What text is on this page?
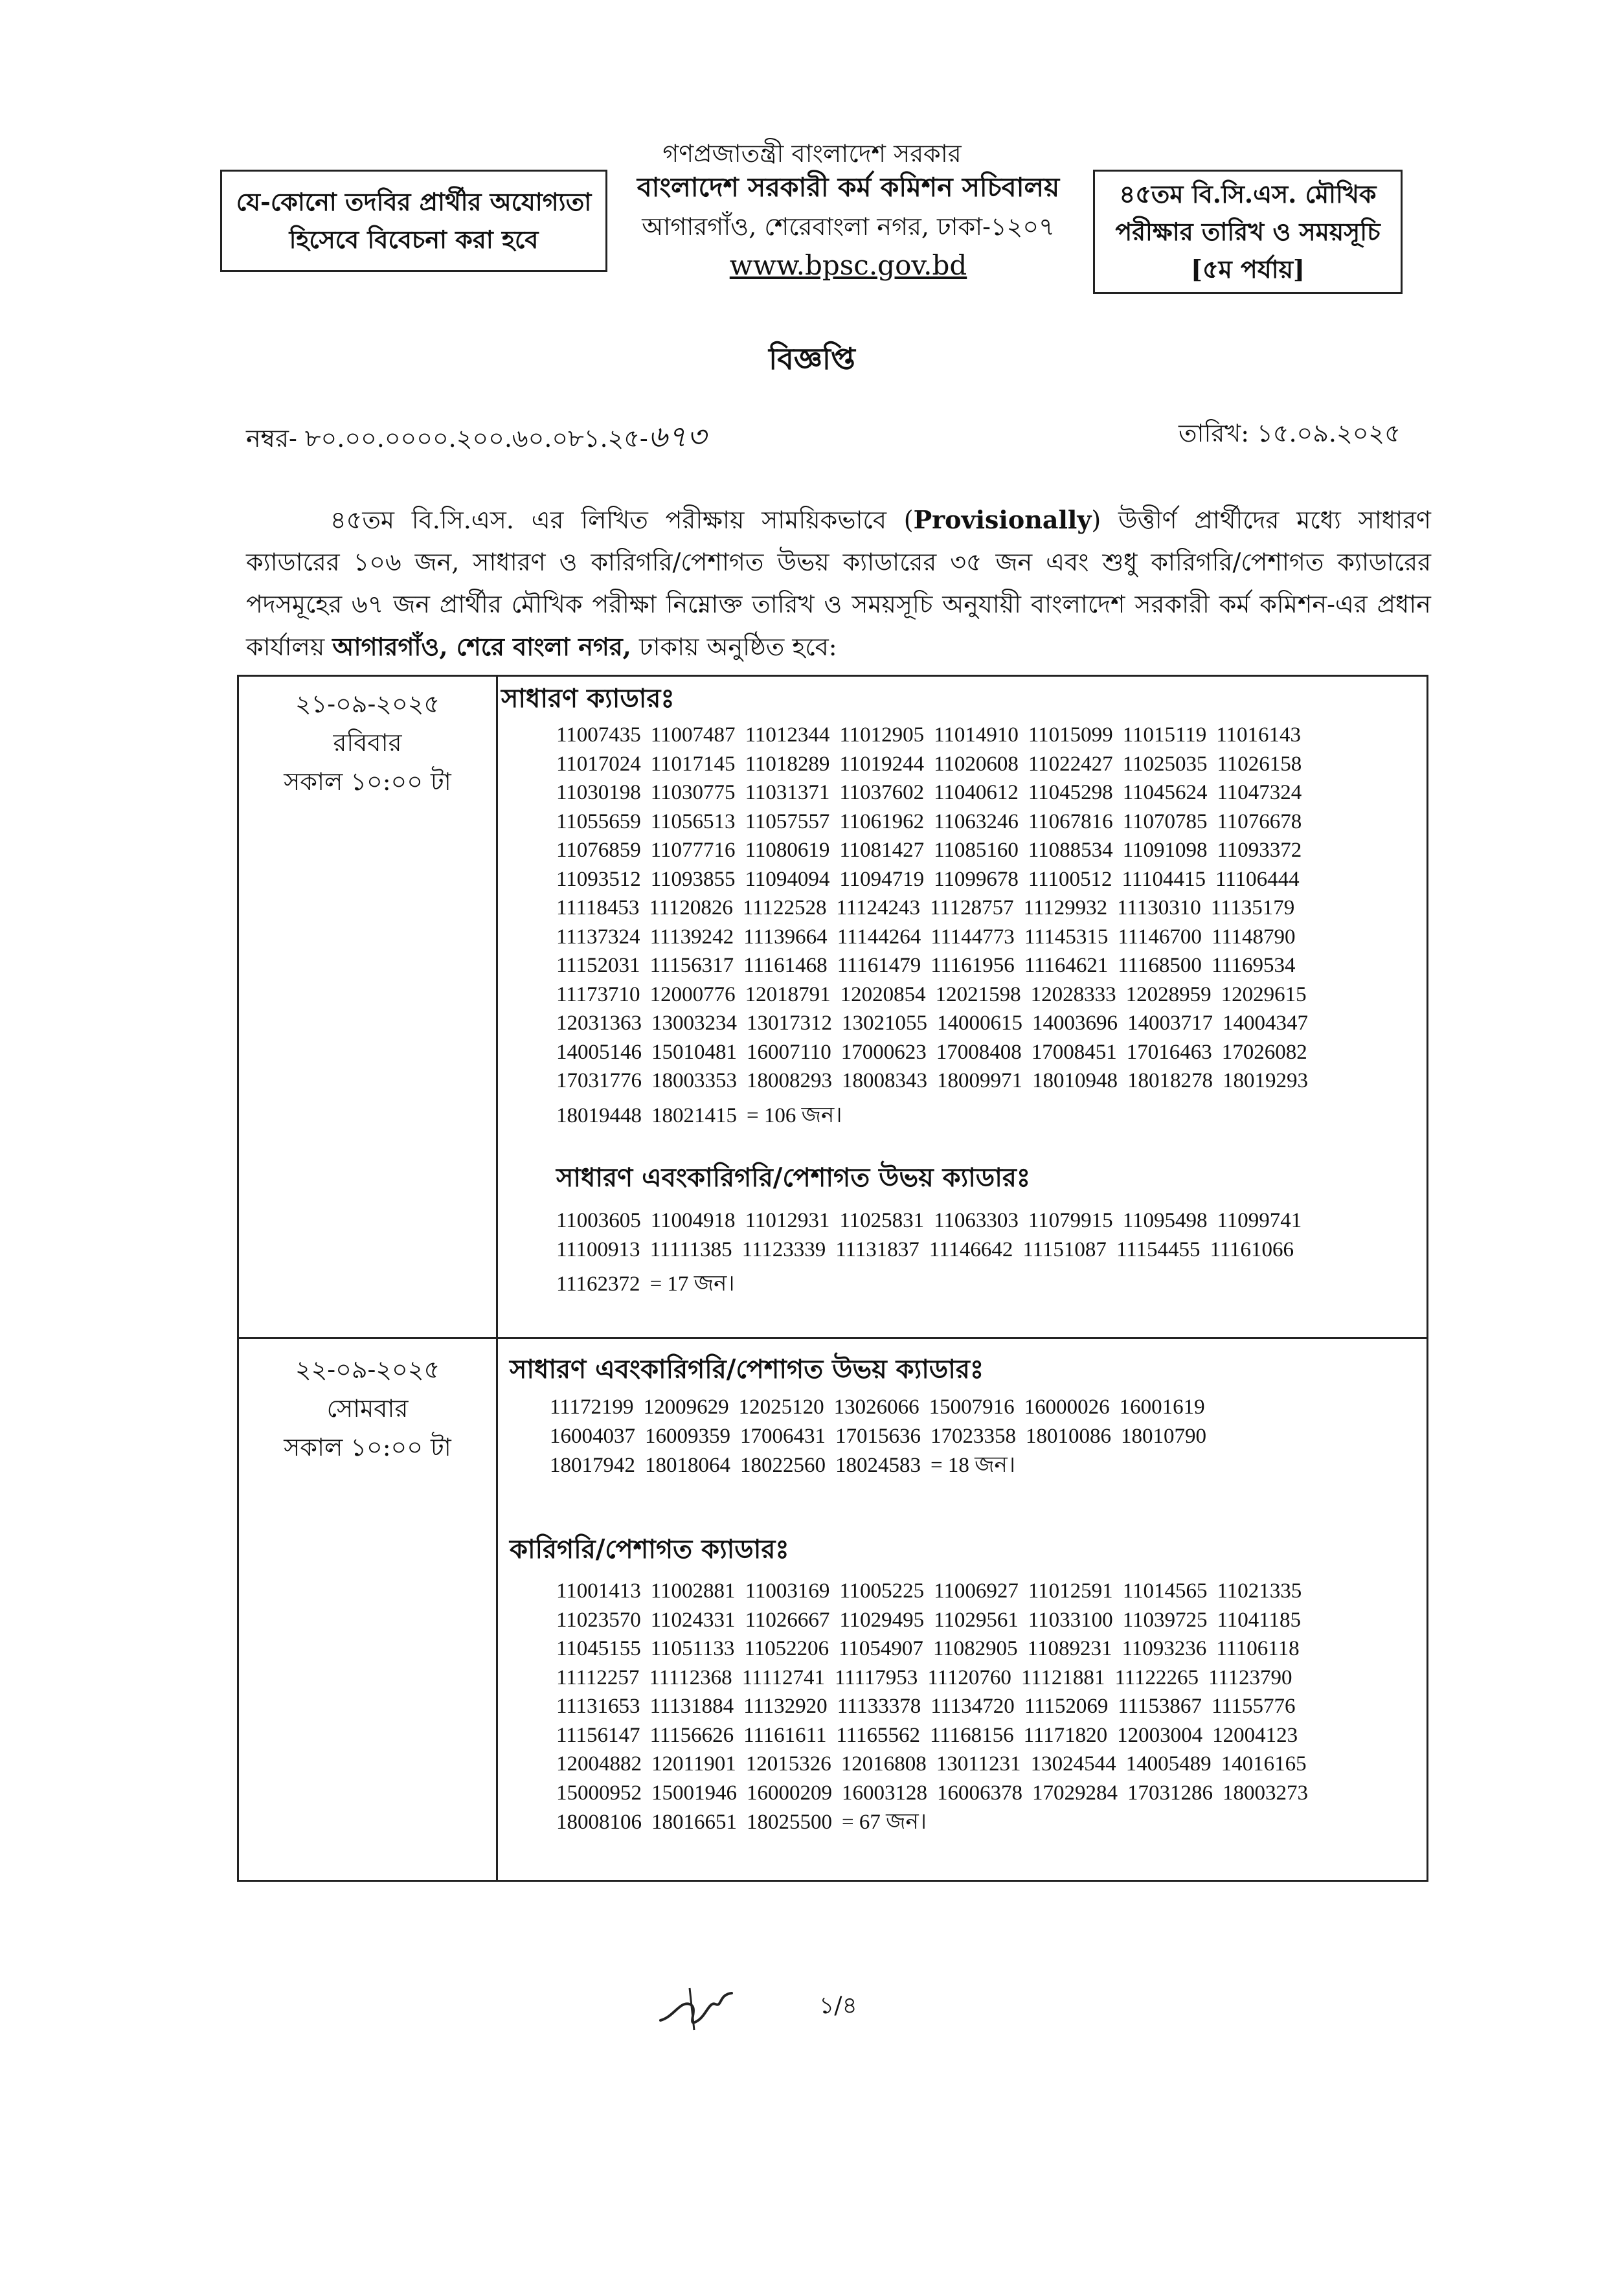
গণপ্রজাতন্ত্রী বাংলাদেশ সরকার
যে-কোনো তদবির প্রার্থীর অযোগ্যতা
হিসেবে বিবেচনা করা হবে
বাংলাদেশ সরকারী কর্ম কমিশন সচিবালয়
আগারগাঁও, শেরেবাংলা নগর, ঢাকা-১২০৭
www.bpsc.gov.bd
৪৫তম বি.সি.এস. মৌখিক
পরীক্ষার তারিখ ও সময়সূচি
[৫ম পর্যায়]
বিজ্ঞপ্তি
নম্বর- ৮০.০০.০০০০.২০০.৬০.০৮১.২৫-৬৭৩	তারিখ: ১৫.০৯.২০২৫
৪৫তম বি.সি.এস. এর লিখিত পরীক্ষায় সাময়িকভাবে (Provisionally) উত্তীর্ণ প্রার্থীদের মধ্যে সাধারণ ক্যাডারের ১০৬ জন, সাধারণ ও কারিগরি/পেশাগত উভয় ক্যাডারের ৩৫ জন এবং শুধু কারিগরি/পেশাগত ক্যাডারের পদসমূহের ৬৭ জন প্রার্থীর মৌখিক পরীক্ষা নিম্নোক্ত তারিখ ও সময়সূচি অনুযায়ী বাংলাদেশ সরকারী কর্ম কমিশন-এর প্রধান কার্যালয় আগারগাঁও, শেরে বাংলা নগর, ঢাকায় অনুষ্ঠিত হবে:
২১-০৯-২০২৫
রবিবার
সকাল ১০:০০ টা
সাধারণ ক্যাডারঃ
11007435 11007487 11012344 11012905 11014910 11015099 11015119 11016143
11017024 11017145 11018289 11019244 11020608 11022427 11025035 11026158
11030198 11030775 11031371 11037602 11040612 11045298 11045624 11047324
11055659 11056513 11057557 11061962 11063246 11067816 11070785 11076678
11076859 11077716 11080619 11081427 11085160 11088534 11091098 11093372
11093512 11093855 11094094 11094719 11099678 11100512 11104415 11106444
11118453 11120826 11122528 11124243 11128757 11129932 11130310 11135179
11137324 11139242 11139664 11144264 11144773 11145315 11146700 11148790
11152031 11156317 11161468 11161479 11161956 11164621 11168500 11169534
11173710 12000776 12018791 12020854 12021598 12028333 12028959 12029615
12031363 13003234 13017312 13021055 14000615 14003696 14003717 14004347
14005146 15010481 16007110 17000623 17008408 17008451 17016463 17026082
17031776 18003353 18008293 18008343 18009971 18010948 18018278 18019293
18019448 18021415 = 106 জন।
সাধারণ এবংকারিগরি/পেশাগত উভয় ক্যাডারঃ
11003605 11004918 11012931 11025831 11063303 11079915 11095498 11099741
11100913 11111385 11123339 11131837 11146642 11151087 11154455 11161066
11162372 = 17 জন।
২২-০৯-২০২৫
সোমবার
সকাল ১০:০০ টা
সাধারণ এবংকারিগরি/পেশাগত উভয় ক্যাডারঃ
11172199 12009629 12025120 13026066 15007916 16000026 16001619
16004037 16009359 17006431 17015636 17023358 18010086 18010790
18017942 18018064 18022560 18024583 = 18 জন।
কারিগরি/পেশাগত ক্যাডারঃ
11001413 11002881 11003169 11005225 11006927 11012591 11014565 11021335
11023570 11024331 11026667 11029495 11029561 11033100 11039725 11041185
11045155 11051133 11052206 11054907 11082905 11089231 11093236 11106118
11112257 11112368 11112741 11117953 11120760 11121881 11122265 11123790
11131653 11131884 11132920 11133378 11134720 11152069 11153867 11155776
11156147 11156626 11161611 11165562 11168156 11171820 12003004 12004123
12004882 12011901 12015326 12016808 13011231 13024544 14005489 14016165
15000952 15001946 16000209 16003128 16006378 17029284 17031286 18003273
18008106 18016651 18025500 = 67 জন।
১/৪
